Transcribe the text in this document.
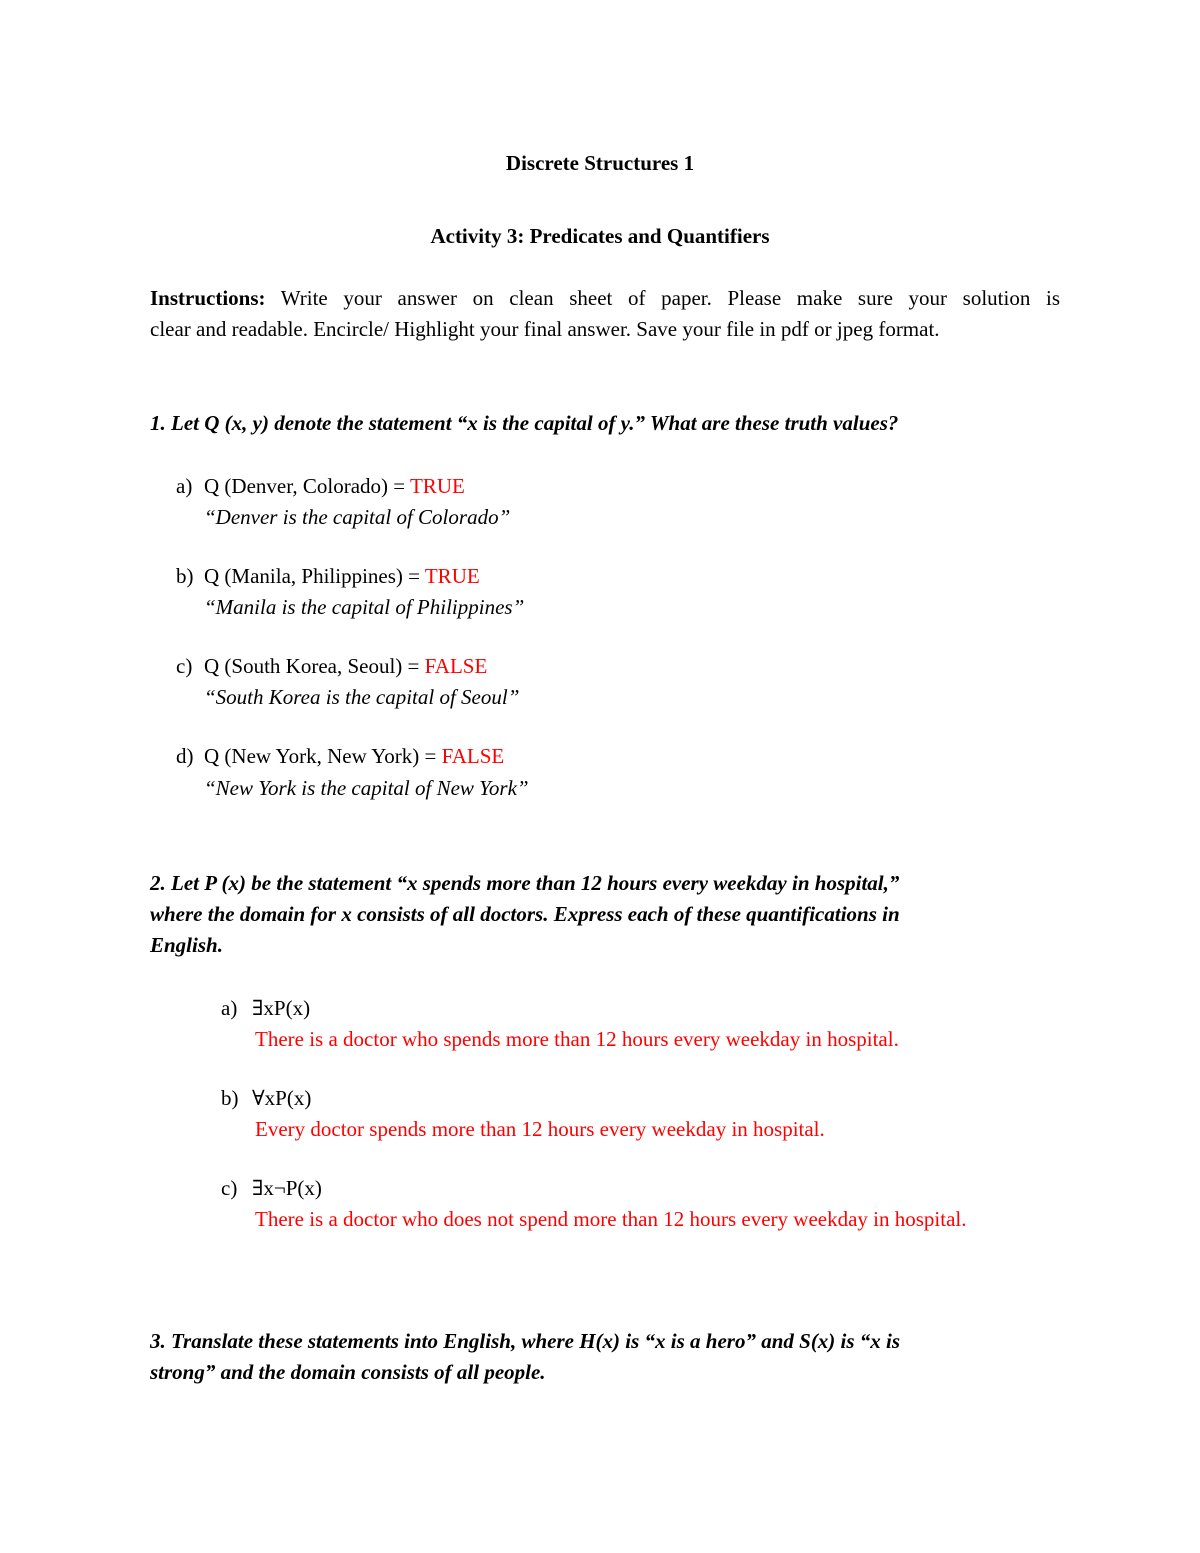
Discrete Structures 1
Activity 3: Predicates and Quantifiers
Instructions: Write your answer on clean sheet of paper. Please make sure your solution is
clear and readable. Encircle/ Highlight your final answer. Save your file in pdf or jpeg format.
1. Let Q (x, y) denote the statement “x is the capital of y.” What are these truth values?
a) Q (Denver, Colorado) = TRUE
“Denver is the capital of Colorado”
b) Q (Manila, Philippines) = TRUE
“Manila is the capital of Philippines”
c) Q (South Korea, Seoul) = FALSE
“South Korea is the capital of Seoul”
d) Q (New York, New York) = FALSE
“New York is the capital of New York”
2. Let P (x) be the statement “x spends more than 12 hours every weekday in hospital,”
where the domain for x consists of all doctors. Express each of these quantifications in
English.
a) ∃xP(x)
There is a doctor who spends more than 12 hours every weekday in hospital.
b) ∀xP(x)
Every doctor spends more than 12 hours every weekday in hospital.
c) ∃x¬P(x)
There is a doctor who does not spend more than 12 hours every weekday in hospital.
3. Translate these statements into English, where H(x) is “x is a hero” and S(x) is “x is
strong” and the domain consists of all people.
